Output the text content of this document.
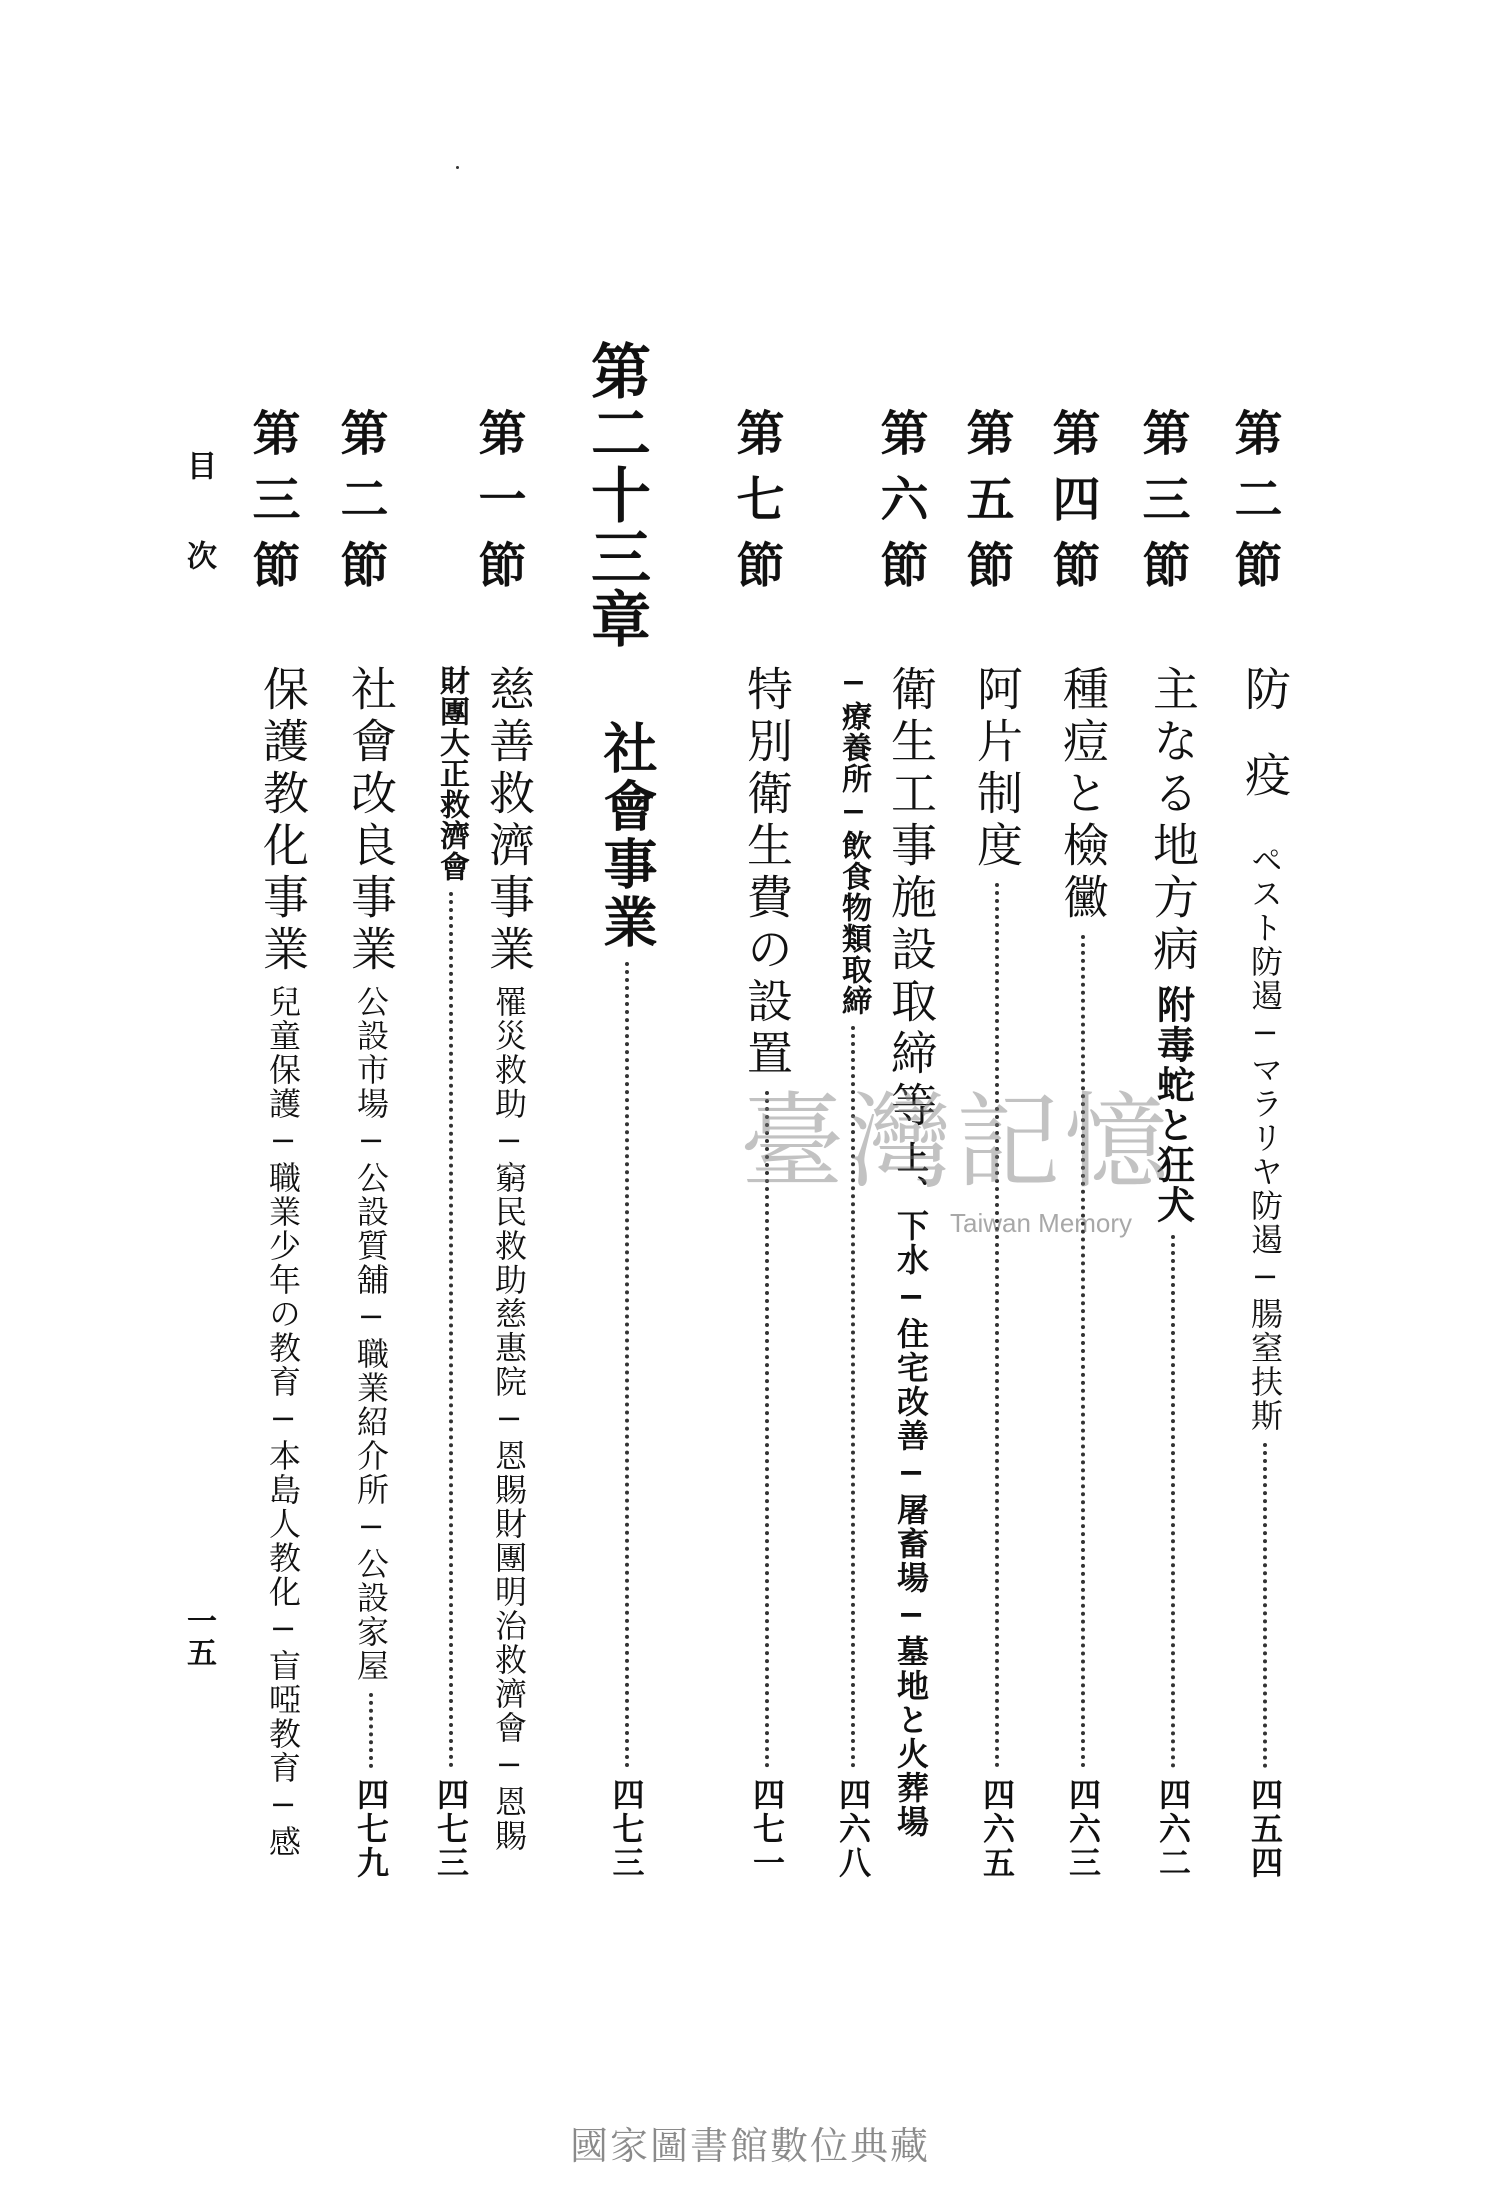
第二節
防疫
ペスト防遏−マラリヤ防遏−腸窒扶斯
四五四
第三節
主なる地方病
附毒蛇と狂犬
四六二
第四節
種痘と檢黴
四六三
第五節
阿片制度
四六五
第六節
衛生工事施設取締等
上、下水−住宅改善−屠畜場−墓地と火葬場
−療養所−飲食物類取締
四六八
第七節
特別衛生費の設置
四七一
第二十三章
社會事業
四七三
第一節
慈善救濟事業
罹災救助−窮民救助慈惠院−恩賜財團明治救濟會−恩賜
財團大正救濟會
四七三
第二節
社會改良事業
公設市場−公設質舖−職業紹介所−公設家屋
四七九
第三節
保護教化事業
兒童保護−職業少年の教育−本島人教化−盲啞教育−感
目次
一五
臺灣記憶
Taiwan Memory
國家圖書館數位典藏
